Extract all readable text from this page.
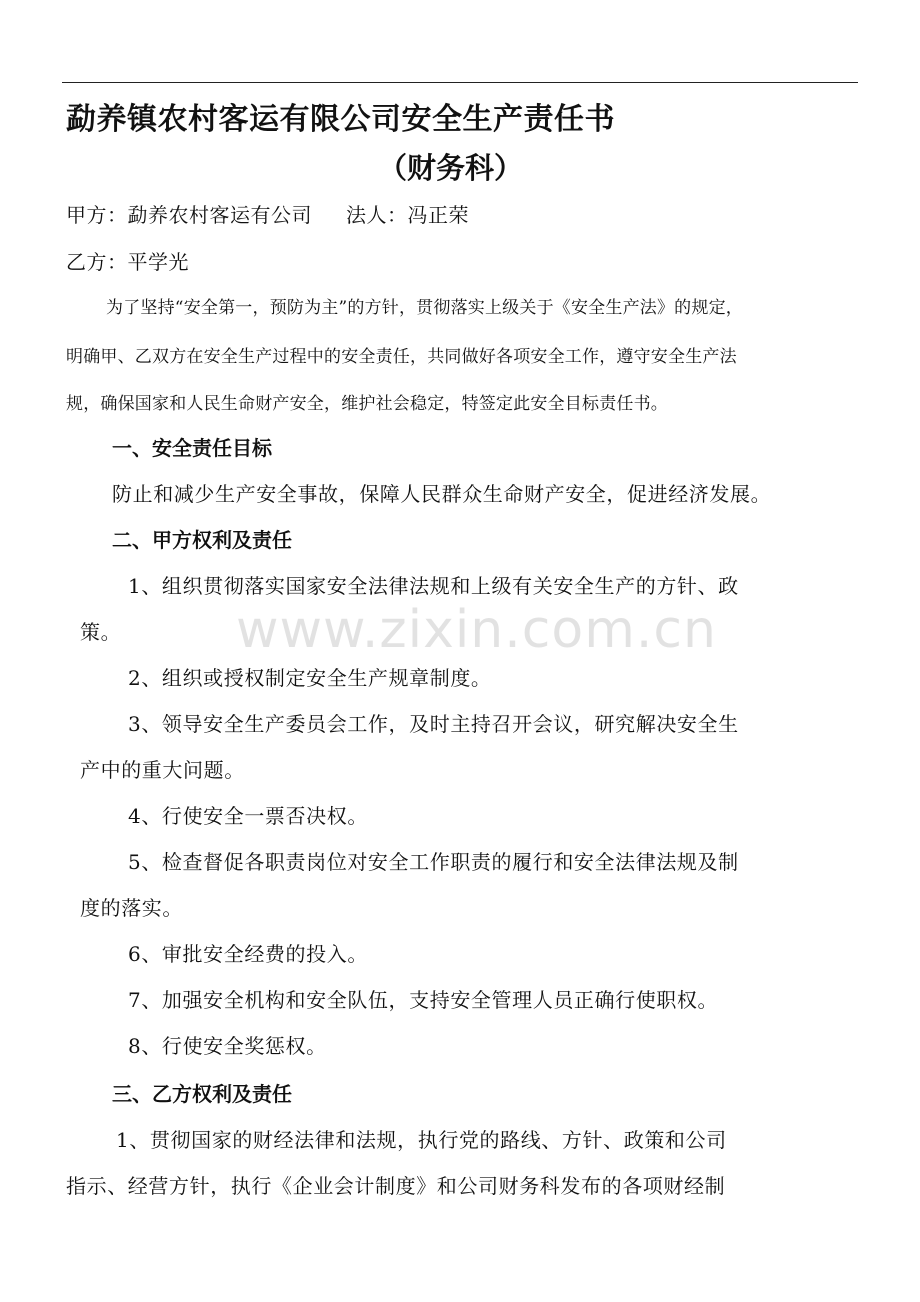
勐养镇农村客运有限公司安全生产责任书
（财务科）

甲方：勐养农村客运有公司 法人：冯正荣

乙方：平学光

为了坚持“安全第一，预防为主”的方针，贯彻落实上级关于《安全生产法》的规定，

明确甲、乙双方在安全生产过程中的安全责任，共同做好各项安全工作，遵守安全生产法

规，确保国家和人民生命财产安全，维护社会稳定，特签定此安全目标责任书。

一、安全责任目标

防止和减少生产安全事故，保障人民群众生命财产安全，促进经济发展。

二、甲方权利及责任

1、组织贯彻落实国家安全法律法规和上级有关安全生产的方针、政

策。

2、组织或授权制定安全生产规章制度。

3、领导安全生产委员会工作，及时主持召开会议，研究解决安全生

产中的重大问题。

4、行使安全一票否决权。

5、检查督促各职责岗位对安全工作职责的履行和安全法律法规及制

度的落实。

6、审批安全经费的投入。

7、加强安全机构和安全队伍，支持安全管理人员正确行使职权。

8、行使安全奖惩权。

三、乙方权利及责任

1、贯彻国家的财经法律和法规，执行党的路线、方针、政策和公司

指示、经营方针，执行《企业会计制度》和公司财务科发布的各项财经制

www.zixin.com.cn
